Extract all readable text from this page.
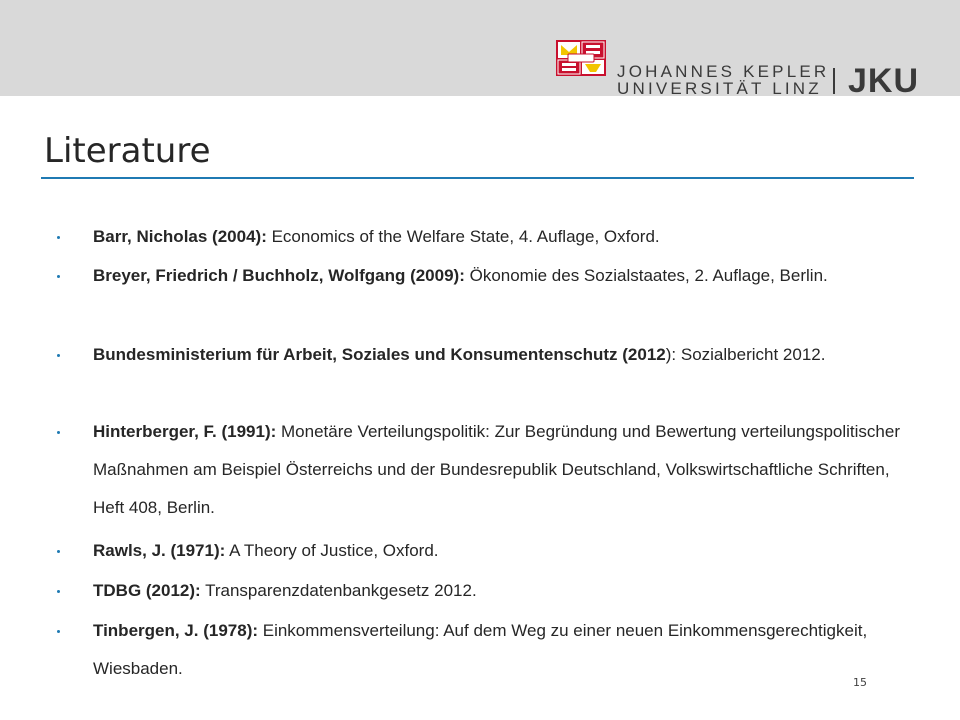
JOHANNES KEPLER
UNIVERSITÄT LINZ JKU
Literature
Barr, Nicholas (2004): Economics of the Welfare State, 4. Auflage, Oxford.
Breyer, Friedrich / Buchholz, Wolfgang (2009): Ökonomie des Sozialstaates, 2. Auflage, Berlin.
Bundesministerium für Arbeit, Soziales und Konsumentenschutz (2012): Sozialbericht 2012.
Hinterberger, F. (1991): Monetäre Verteilungspolitik: Zur Begründung und Bewertung verteilungspolitischer Maßnahmen am Beispiel Österreichs und der Bundesrepublik Deutschland, Volkswirtschaftliche Schriften, Heft 408, Berlin.
Rawls, J. (1971): A Theory of Justice, Oxford.
TDBG (2012): Transparenzdatenbankgesetz 2012.
Tinbergen, J. (1978): Einkommensverteilung: Auf dem Weg zu einer neuen Einkommensgerechtigkeit, Wiesbaden.
15
